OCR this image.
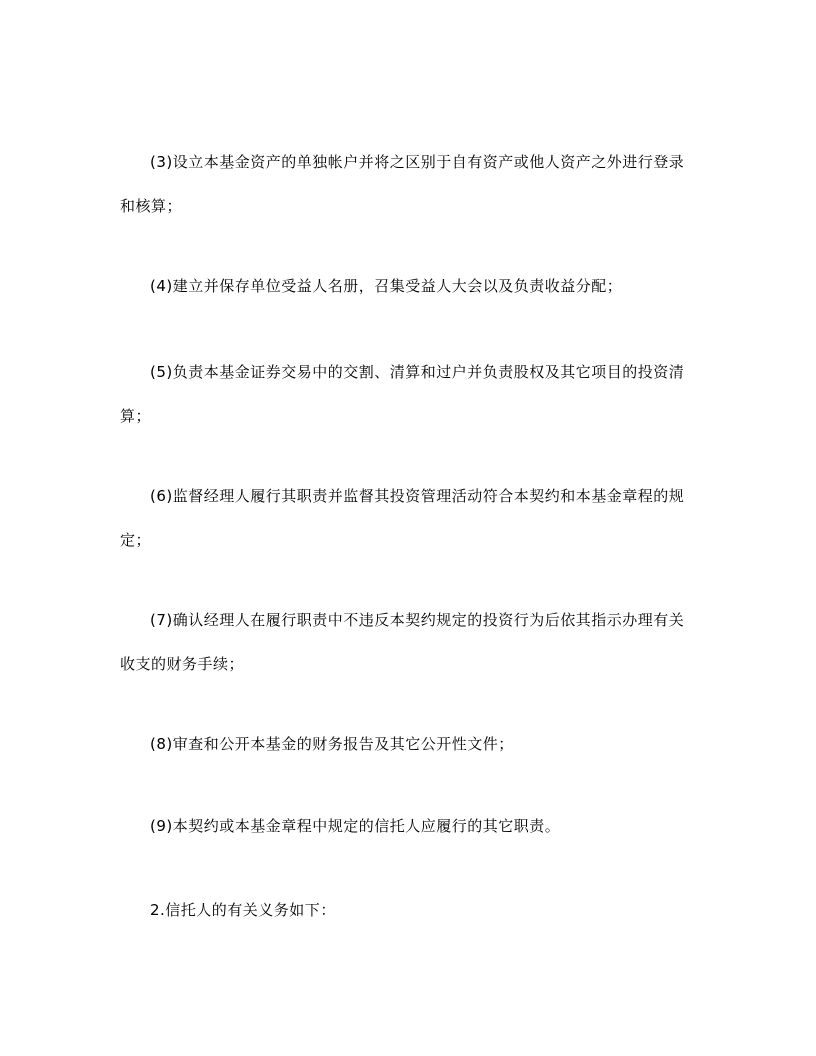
(3)设立本基金资产的单独帐户并将之区别于自有资产或他人资产之外进行登录和核算；

(4)建立并保存单位受益人名册，召集受益人大会以及负责收益分配；

(5)负责本基金证券交易中的交割、清算和过户并负责股权及其它项目的投资清算；

(6)监督经理人履行其职责并监督其投资管理活动符合本契约和本基金章程的规定；

(7)确认经理人在履行职责中不违反本契约规定的投资行为后依其指示办理有关收支的财务手续；

(8)审查和公开本基金的财务报告及其它公开性文件；

(9)本契约或本基金章程中规定的信托人应履行的其它职责。

2.信托人的有关义务如下：
